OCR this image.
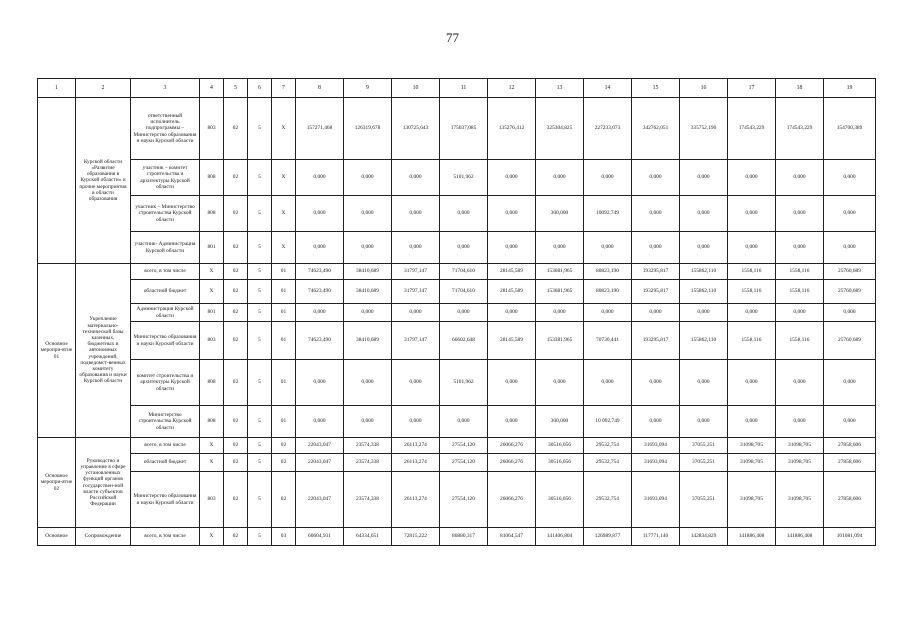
77
1	2	3	4	5	6	7	8	9	10	11	12	13	14	15	16	17	18	19
	Курской области «Развитие образования в Курской области» и прочие мероприятия в области образования	ответственный исполнитель подпрограммы – Министерство образования и науки Курской области	803	02	5	Х	157271,468	126319,678	130725,643	175037,085	135276,412	325304,825	227233,073	342762,051	335752,190	174543,229	174543,229	154700,389
		участник – комитет строительства и архитектуры Курской области	808	02	5	Х	0,000	0,000	0,000	5101,962	0,000	0,000	0,000	0,000	0,000	0,000	0,000	0,000
		участник – Министерство строительства Курской области	808	02	5	Х	0,000	0,000	0,000	0,000	0,000	300,000	10092,749	0,000	0,000	0,000	0,000	0,000
		участник- Администрация Курской области	801	02	5	Х	0,000	0,000	0,000	0,000	0,000	0,000	0,000	0,000	0,000	0,000	0,000	0,000
Основное меропри-ятие 01	Укрепление материально-технической базы казенных, бюджетных и автономных учреждений, подведомст-венных комитету образования и науки Курской области	всего, в том числе	Х	02	5	01	74623,490	38410,689	31797,147	71704,610	28145,589	153681,965	80823,190	193295,817	155862,110	1558,116	1558,116	25760,689
		областной бюджет	Х	02	5	01	74623,490	38410,689	31797,147	71704,610	28145,589	153681,965	80823,190	193295,817	155862,110	1558,116	1558,116	25760,689
		Администрация Курской области	801	02	5	01	0,000	0,000	0,000	0,000	0,000	0,000	0,000	0,000	0,000	0,000	0,000	0,000
		Министерство образования и науки Курской области	803	02	5	01	74623,490	38410,689	31797,147	66602,648	28145,589	153381,965	70730,441	193295,817	155862,110	1558,116	1558,116	25760,689
		комитет строительства и архитектуры Курской области	808	02	5	01	0,000	0,000	0,000	5101,962	0,000	0,000	0,000	0,000	0,000	0,000	0,000	0,000
		Министерство строительства Курской области	808	02	5	01	0,000	0,000	0,000	0,000	0,000	300,000	10 092,749	0,000	0,000	0,000	0,000	0,000
Основное меропри-ятие 02	Руководство и управление в сфере установленных функций органов государствен-ной власти субъектов Российской Федерации	всего, в том числе	Х	02	5	02	22043,047	23574,338	26113,274	27554,120	26066,276	30516,056	29532,754	31693,094	37055,251	31098,705	31098,705	27858,606
		областной бюджет	Х	02	5	02	22043,047	23574,338	26113,274	27554,120	26066,276	30516,056	29532,754	31693,094	37055,251	31098,705	31098,705	27858,606
		Министерство образования и науки Курской области	803	02	5	02	22043,047	23574,338	26113,274	27554,120	26066,276	30516,056	29532,754	31693,094	37055,251	31098,705	31098,705	27858,606
Основное	Сопровождение	всего, в том числе	Х	02	5	03	60604,931	64334,651	72815,222	80880,317	81064,547	141406,804	126989,877	117771,140	142834,829	141886,408	141886,408	101081,094
